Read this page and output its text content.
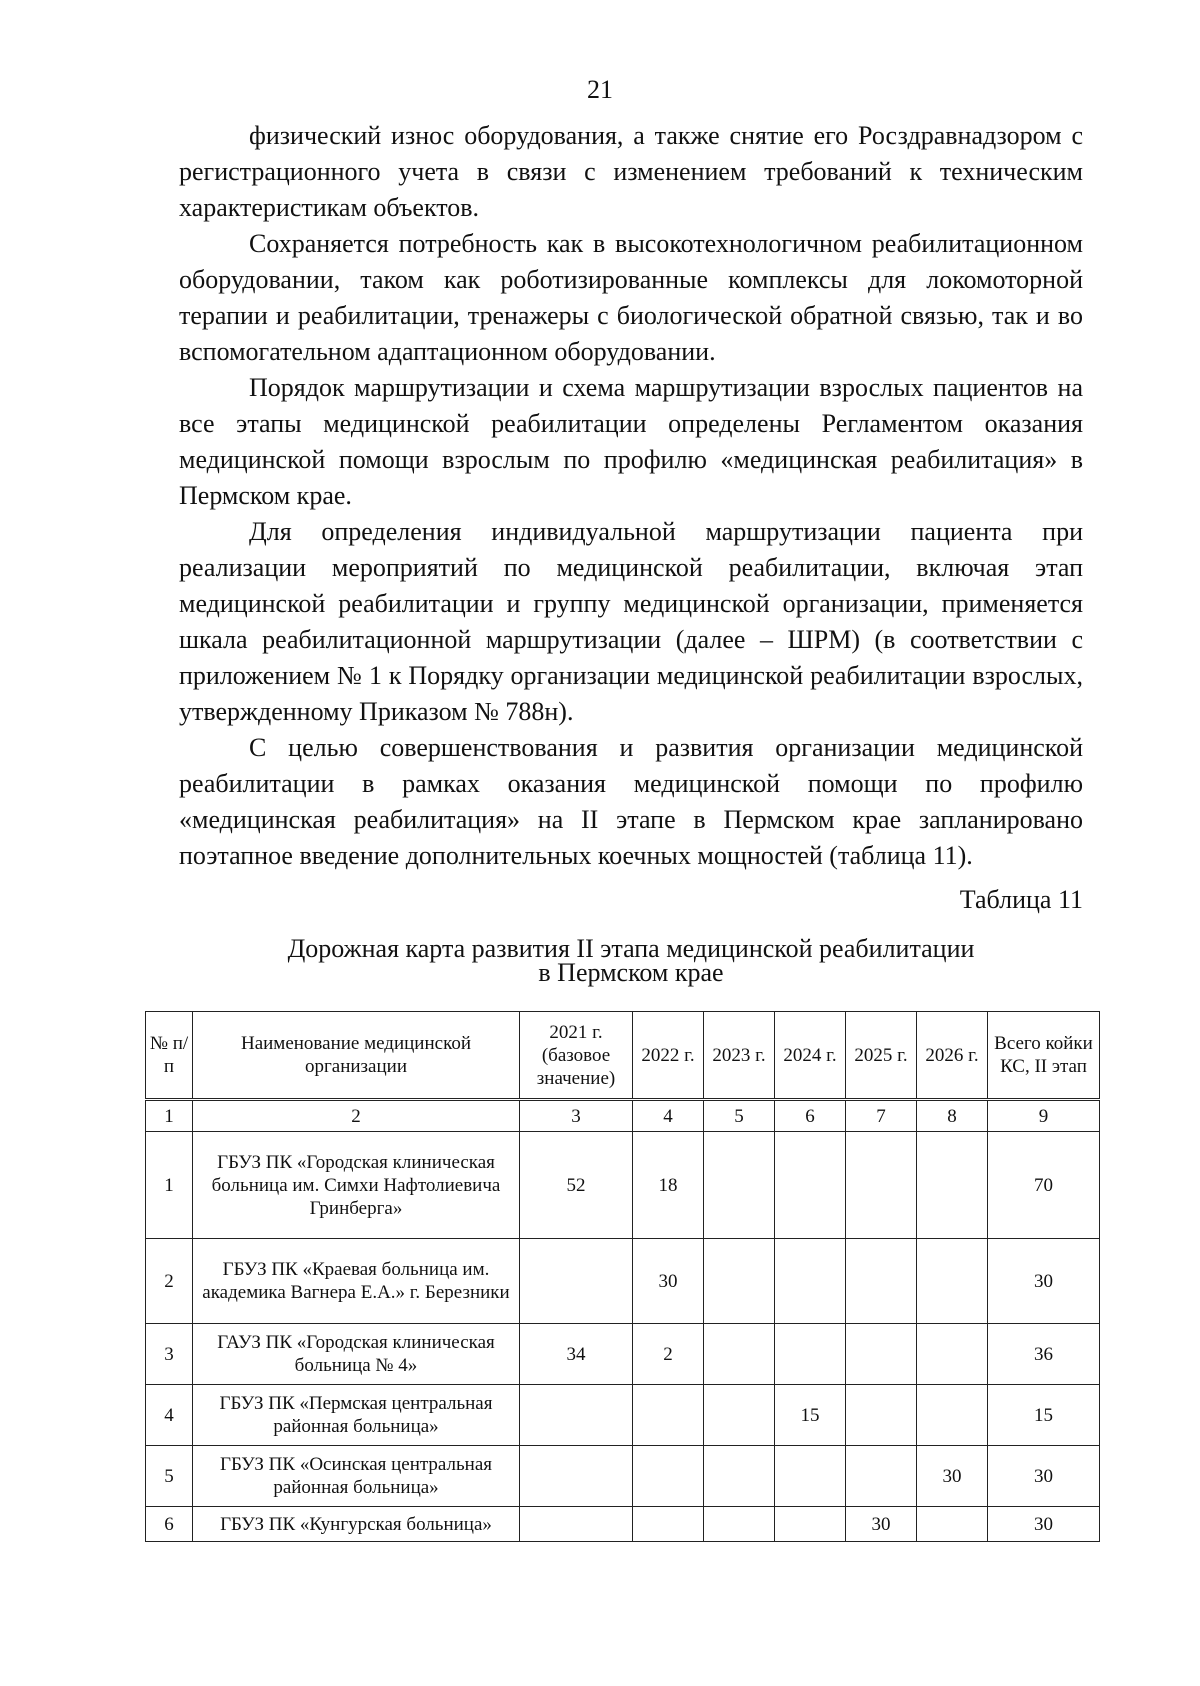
21

физический износ оборудования, а также снятие его Росздравнадзором с регистрационного учета в связи с изменением требований к техническим характеристикам объектов.

Сохраняется потребность как в высокотехнологичном реабилитационном оборудовании, таком как роботизированные комплексы для локомоторной терапии и реабилитации, тренажеры с биологической обратной связью, так и во вспомогательном адаптационном оборудовании.

Порядок маршрутизации и схема маршрутизации взрослых пациентов на все этапы медицинской реабилитации определены Регламентом оказания медицинской помощи взрослым по профилю «медицинская реабилитация» в Пермском крае.

Для определения индивидуальной маршрутизации пациента при реализации мероприятий по медицинской реабилитации, включая этап медицинской реабилитации и группу медицинской организации, применяется шкала реабилитационной маршрутизации (далее – ШРМ) (в соответствии с приложением № 1 к Порядку организации медицинской реабилитации взрослых, утвержденному Приказом № 788н).

С целью совершенствования и развития организации медицинской реабилитации в рамках оказания медицинской помощи по профилю «медицинская реабилитация» на II этапе в Пермском крае запланировано поэтапное введение дополнительных коечных мощностей (таблица 11).

Таблица 11
Дорожная карта развития II этапа медицинской реабилитации
в Пермском крае
№ п/п	Наименование медицинской организации	2021 г. (базовое значение)	2022 г.	2023 г.	2024 г.	2025 г.	2026 г.	Всего койки КС, II этап
1	2	3	4	5	6	7	8	9
1	ГБУЗ ПК «Городская клиническая больница им. Симхи Нафтолиевича Гринберга»	52	18					70
2	ГБУЗ ПК «Краевая больница им. академика Вагнера Е.А.» г. Березники		30					30
3	ГАУЗ ПК «Городская клиническая больница № 4»	34	2					36
4	ГБУЗ ПК «Пермская центральная районная больница»				15			15
5	ГБУЗ ПК «Осинская центральная районная больница»						30	30
6	ГБУЗ ПК «Кунгурская больница»					30		30
